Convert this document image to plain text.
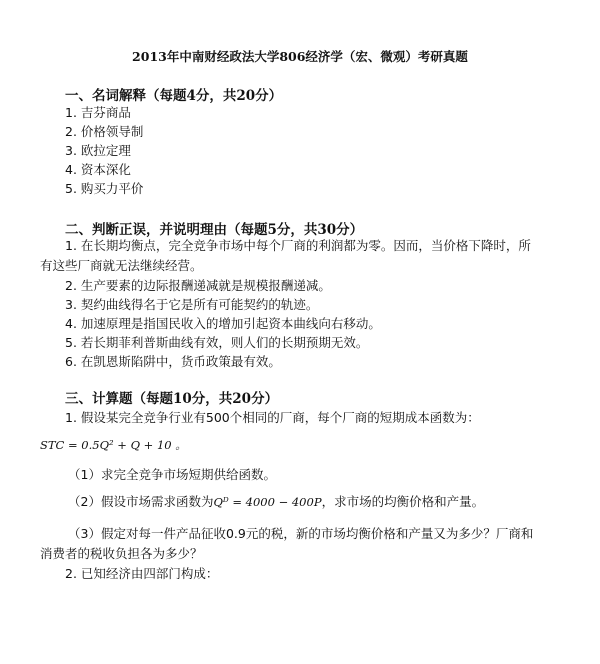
2013年中南财经政法大学806经济学（宏、微观）考研真题
一、名词解释（每题4分，共20分）
1. 吉芬商品
2. 价格领导制
3. 欧拉定理
4. 资本深化
5. 购买力平价
二、判断正误，并说明理由（每题5分，共30分）
1. 在长期均衡点，完全竞争市场中每个厂商的利润都为零。因而，当价格下降时，所
有这些厂商就无法继续经营。
2. 生产要素的边际报酬递减就是规模报酬递减。
3. 契约曲线得名于它是所有可能契约的轨迹。
4. 加速原理是指国民收入的增加引起资本曲线向右移动。
5. 若长期菲利普斯曲线有效，则人们的长期预期无效。
6. 在凯恩斯陷阱中，货币政策最有效。
三、计算题（每题10分，共20分）
1. 假设某完全竞争行业有500个相同的厂商，每个厂商的短期成本函数为：
STC = 0.5Q² + Q + 10 。
（1）求完全竞争市场短期供给函数。
（2）假设市场需求函数为Qᴰ = 4000 − 400P，求市场的均衡价格和产量。
（3）假定对每一件产品征收0.9元的税，新的市场均衡价格和产量又为多少？厂商和
消费者的税收负担各为多少？
2. 已知经济由四部门构成：
